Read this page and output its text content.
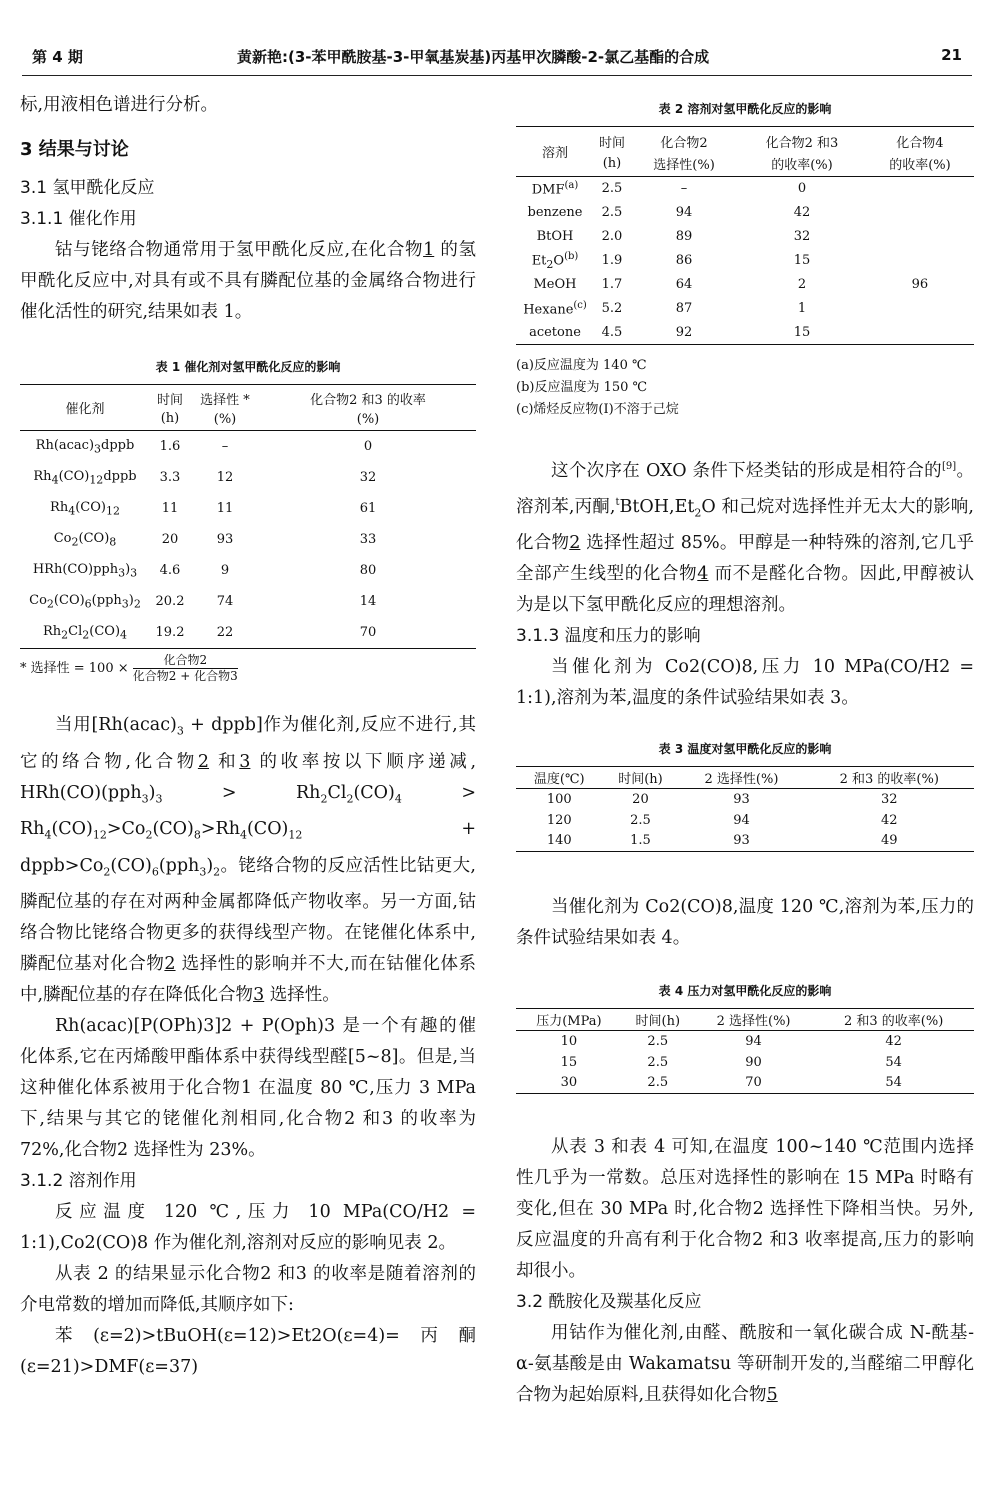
第 4 期	黄新艳:(3-苯甲酰胺基-3-甲氧基炭基)丙基甲次膦酸-2-氯乙基酯的合成	21

标,用液相色谱进行分析。

3 结果与讨论
3.1 氢甲酰化反应
3.1.1 催化作用

钴与铑络合物通常用于氢甲酰化反应,在化合物1 的氢甲酰化反应中,对具有或不具有膦配位基的金属络合物进行催化活性的研究,结果如表 1。

表 1 催化剂对氢甲酰化反应的影响
催化剂	时间	选择性 *	化合物2 和3 的收率
	(h)	(%)	(%)
$Rh(acac)_3dppb$	1.6	–	0
$Rh_4(CO)_{12}dppb$	3.3	12	32
$Rh_4(CO)_{12}$	11	11	61
$Co_2(CO)_8$	20	93	33
$HRh(CO)pph_3)_3$	4.6	9	80
$Co_2(CO)_6(pph_3)_2$	20.2	74	14
$Rh_2Cl_2(CO)_4$	19.2	22	70
* 选择性 = $100 \times \frac{\text{化合物2}}{\text{化合物2 + 化合物3}}$

当用[$Rh(acac)_3$ + dppb]作为催化剂,反应不进行,其它的络合物,化合物2 和3 的收率按以下顺序递减, $HRh(CO)(pph_3)_3 > Rh_2Cl_2(CO)_4 > Rh_4(CO)_{12}>Co_2(CO)_8>Rh_4(CO)_{12}$ + $dppb>Co_2(CO)_6(pph_3)_2$。铑络合物的反应活性比钴更大,膦配位基的存在对两种金属都降低产物收率。另一方面,钴络合物比铑络合物更多的获得线型产物。在铑催化体系中,膦配位基对化合物2 选择性的影响并不大,而在钴催化体系中,膦配位基的存在降低化合物3 选择性。

Rh(acac)[P(OPh)3]2 + P(Oph)3 是一个有趣的催化体系,它在丙烯酸甲酯体系中获得线型醛[5~8]。但是,当这种催化体系被用于化合物1 在温度 80 ℃,压力 3 MPa 下,结果与其它的铑催化剂相同,化合物2 和3 的收率为 72%,化合物2 选择性为 23%。

3.1.2 溶剂作用

反应温度 120 ℃,压力 10 MPa(CO/H2 = 1:1),Co2(CO)8 作为催化剂,溶剂对反应的影响见表 2。

从表 2 的结果显示化合物2 和3 的收率是随着溶剂的介电常数的增加而降低,其顺序如下:

苯(ε=2)>tBuOH(ε=12)>Et2O(ε=4)=丙酮(ε=21)>DMF(ε=37)

表 2 溶剂对氢甲酰化反应的影响
溶剂	时间	化合物2	化合物2 和3	化合物4
	(h)	选择性(%)	的收率(%)	的收率(%)
DMF$^{(a)}$	2.5	–	0	
benzene	2.5	94	42	
BtOH	2.0	89	32	
$Et_2O^{(b)}$	1.9	86	15	
MeOH	1.7	64	2	96
Hexane$^{(c)}$	5.2	87	1	
acetone	4.5	92	15	
(a)反应温度为 140 ℃
(b)反应温度为 150 ℃
(c)烯烃反应物(Ⅰ)不溶于己烷

这个次序在 OXO 条件下烃类钴的形成是相符合的[9]。溶剂苯,丙酮$,^tBtOH,Et_2O$ 和己烷对选择性并无太大的影响,化合物2 选择性超过 85%。甲醇是一种特殊的溶剂,它几乎全部产生线型的化合物4 而不是醛化合物。因此,甲醇被认为是以下氢甲酰化反应的理想溶剂。

3.1.3 温度和压力的影响

当催化剂为 Co2(CO)8,压力 10 MPa(CO/H2 = 1:1),溶剂为苯,温度的条件试验结果如表 3。

表 3 温度对氢甲酰化反应的影响
温度(℃)	时间(h)	2 选择性(%)	2 和3 的收率(%)
100	20	93	32
120	2.5	94	42
140	1.5	93	49

当催化剂为 Co2(CO)8,温度 120 ℃,溶剂为苯,压力的条件试验结果如表 4。

表 4 压力对氢甲酰化反应的影响
压力(MPa)	时间(h)	2 选择性(%)	2 和3 的收率(%)
10	2.5	94	42
15	2.5	90	54
30	2.5	70	54

从表 3 和表 4 可知,在温度 100~140 ℃范围内选择性几乎为一常数。总压对选择性的影响在 15 MPa 时略有变化,但在 30 MPa 时,化合物2 选择性下降相当快。另外,反应温度的升高有利于化合物2 和3 收率提高,压力的影响却很小。

3.2 酰胺化及羰基化反应

用钴作为催化剂,由醛、酰胺和一氧化碳合成 N-酰基-α-氨基酸是由 Wakamatsu 等研制开发的,当醛缩二甲醇化合物为起始原料,且获得如化合物5
